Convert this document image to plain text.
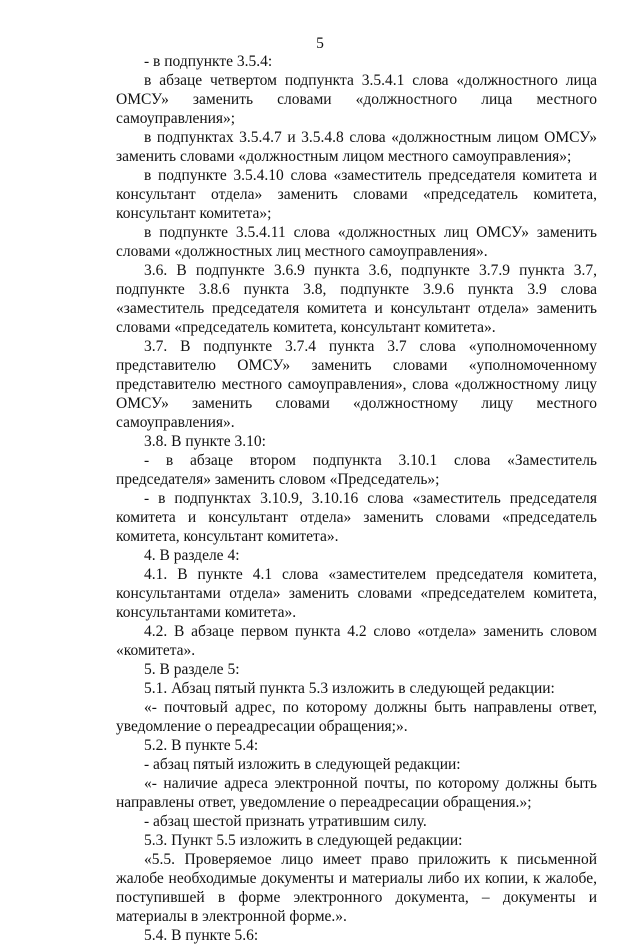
5

- в подпункте 3.5.4:

в абзаце четвертом подпункта 3.5.4.1 слова «должностного лица ОМСУ» заменить словами «должностного лица местного самоуправления»;

в подпунктах 3.5.4.7 и 3.5.4.8 слова «должностным лицом ОМСУ» заменить словами «должностным лицом местного самоуправления»;

в подпункте 3.5.4.10 слова «заместитель председателя комитета и консультант отдела» заменить словами «председатель комитета, консультант комитета»;

в подпункте 3.5.4.11 слова «должностных лиц ОМСУ» заменить словами «должностных лиц местного самоуправления».

3.6. В подпункте 3.6.9 пункта 3.6, подпункте 3.7.9 пункта 3.7, подпункте 3.8.6 пункта 3.8, подпункте 3.9.6 пункта 3.9 слова «заместитель председателя комитета и консультант отдела» заменить словами «председатель комитета, консультант комитета».

3.7. В подпункте 3.7.4 пункта 3.7 слова «уполномоченному представителю ОМСУ» заменить словами «уполномоченному представителю местного самоуправления», слова «должностному лицу ОМСУ» заменить словами «должностному лицу местного самоуправления».

3.8. В пункте 3.10:

- в абзаце втором подпункта 3.10.1 слова «Заместитель председателя» заменить словом «Председатель»;

- в подпунктах 3.10.9, 3.10.16 слова «заместитель председателя комитета и консультант отдела» заменить словами «председатель комитета, консультант комитета».

4. В разделе 4:

4.1. В пункте 4.1 слова «заместителем председателя комитета, консультантами отдела» заменить словами «председателем комитета, консультантами комитета».

4.2. В абзаце первом пункта 4.2 слово «отдела» заменить словом «комитета».

5. В разделе 5:

5.1. Абзац пятый пункта 5.3 изложить в следующей редакции:

«- почтовый адрес, по которому должны быть направлены ответ, уведомление о переадресации обращения;».

5.2. В пункте 5.4:

- абзац пятый изложить в следующей редакции:

«- наличие адреса электронной почты, по которому должны быть направлены ответ, уведомление о переадресации обращения.»;

- абзац шестой признать утратившим силу.

5.3. Пункт 5.5 изложить в следующей редакции:

«5.5. Проверяемое лицо имеет право приложить к письменной жалобе необходимые документы и материалы либо их копии, к жалобе, поступившей в форме электронного документа, – документы и материалы в электронной форме.».

5.4. В пункте 5.6:
